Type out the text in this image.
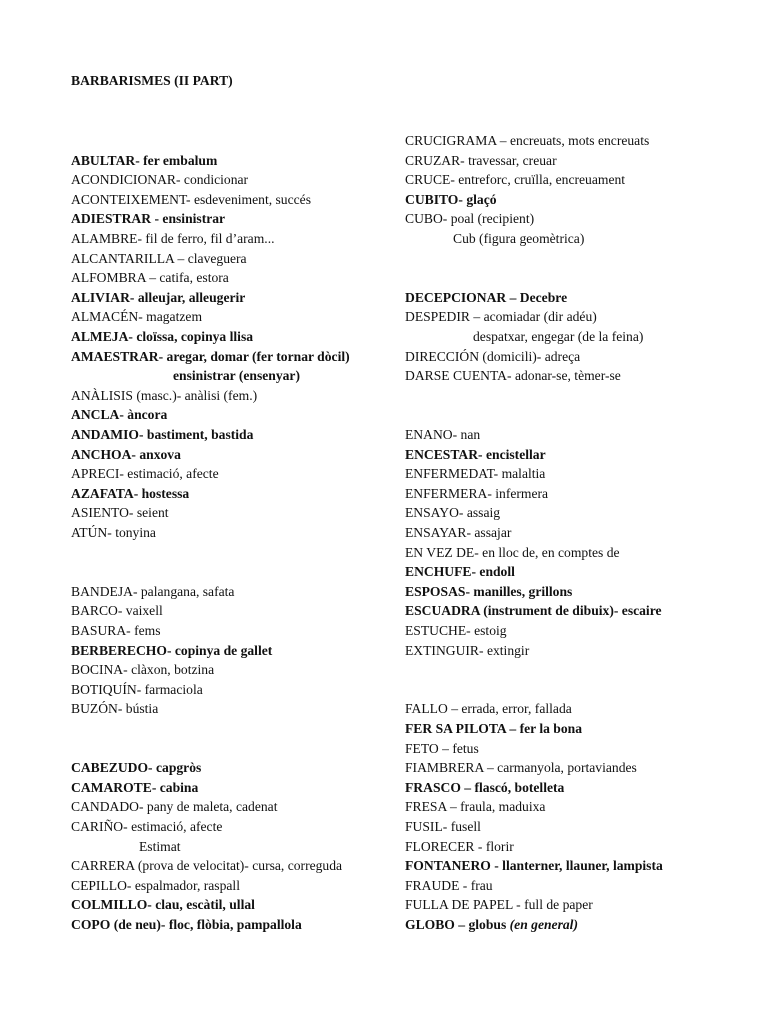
BARBARISMES (II PART)
ABULTAR- fer embalum
ACONDICIONAR- condicionar
ACONTEIXEMENT- esdeveniment, succés
ADIESTRAR - ensinistrar
ALAMBRE- fil de ferro, fil d’aram...
ALCANTARILLA – claveguera
ALFOMBRA – catifa, estora
ALIVIAR- alleujar, alleugerir
ALMACÉN- magatzem
ALMEJA- cloïssa, copinya llisa
AMAESTRAR- aregar, domar (fer tornar dòcil)
ensinistrar (ensenyar)
ANÀLISIS (masc.)- anàlisi (fem.)
ANCLA- àncora
ANDAMIO- bastiment, bastida
ANCHOA- anxova
APRECI- estimació, afecte
AZAFATA- hostessa
ASIENTO- seient
ATÚN- tonyina
BANDEJA- palangana, safata
BARCO- vaixell
BASURA- fems
BERBERECHO- copinya de gallet
BOCINA- clàxon, botzina
BOTIQUÍN- farmaciola
BUZÓN- bústia
CABEZUDO- capgròs
CAMAROTE- cabina
CANDADO- pany de maleta, cadenat
CARIÑO- estimació, afecte
Estimat
CARRERA (prova de velocitat)- cursa, correguda
CEPILLO- espalmador, raspall
COLMILLO- clau, escàtil, ullal
COPO (de neu)- floc, flòbia, pampallola
CRUCIGRAMA – encreuats, mots encreuats
CRUZAR- travessar, creuar
CRUCE- entreforc, cruïlla, encreuament
CUBITO- glaçó
CUBO- poal (recipient)
Cub (figura geomètrica)
DECEPCIONAR – Decebre
DESPEDIR – acomiadar (dir adéu)
despatxar, engegar (de la feina)
DIRECCIÓN (domicili)- adreça
DARSE CUENTA- adonar-se, tèmer-se
ENANO- nan
ENCESTAR- encistellar
ENFERMEDAT- malaltia
ENFERMERA- infermera
ENSAYO- assaig
ENSAYAR- assajar
EN VEZ DE- en lloc de, en comptes de
ENCHUFE- endoll
ESPOSAS- manilles, grillons
ESCUADRA (instrument de dibuix)- escaire
ESTUCHE- estoig
EXTINGUIR- extingir
FALLO – errada, error, fallada
FER SA PILOTA – fer la bona
FETO – fetus
FIAMBRERA – carmanyola, portaviandes
FRASCO – flascó, botelleta
FRESA – fraula, maduixa
FUSIL- fusell
FLORECER - florir
FONTANERO - llanterner, llauner, lampista
FRAUDE - frau
FULLA DE PAPEL - full de paper
GLOBO – globus (en general)
